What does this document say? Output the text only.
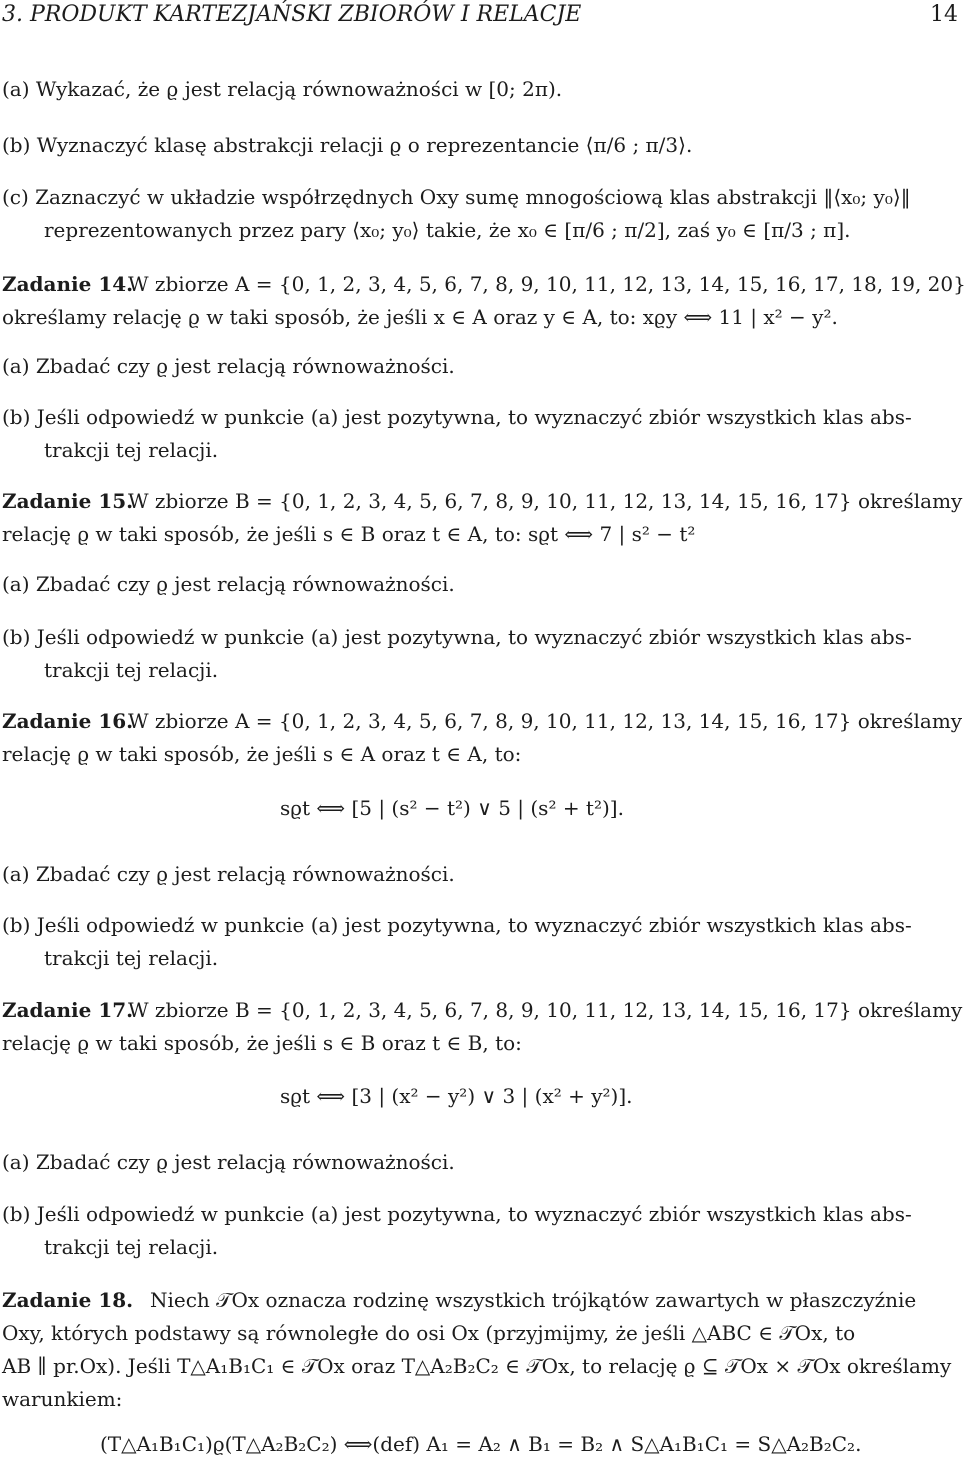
3. PRODUKT KARTEZJAŃSKI ZBIORÓW I RELACJE	14
(a) Wykazać, że ϱ jest relacją równoważności w [0; 2π).
(b) Wyznaczyć klasę abstrakcji relacji ϱ o reprezentancie ⟨π/6 ; π/3⟩.
(c) Zaznaczyć w układzie współrzędnych Oxy sumę mnogościową klas abstrakcji ‖⟨x₀; y₀⟩‖
reprezentowanych przez pary ⟨x₀; y₀⟩ takie, że x₀ ∈ [π/6 ; π/2], zaś y₀ ∈ [π/3 ; π].
Zadanie 14.
W zbiorze A = {0, 1, 2, 3, 4, 5, 6, 7, 8, 9, 10, 11, 12, 13, 14, 15, 16, 17, 18, 19, 20}
określamy relację ϱ w taki sposób, że jeśli x ∈ A oraz y ∈ A, to: xϱy ⟺ 11 | x² − y².
(a) Zbadać czy ϱ jest relacją równoważności.
(b) Jeśli odpowiedź w punkcie (a) jest pozytywna, to wyznaczyć zbiór wszystkich klas abs-
trakcji tej relacji.
Zadanie 15.
W zbiorze B = {0, 1, 2, 3, 4, 5, 6, 7, 8, 9, 10, 11, 12, 13, 14, 15, 16, 17} określamy
relację ϱ w taki sposób, że jeśli s ∈ B oraz t ∈ A, to: sϱt ⟺ 7 | s² − t²
(a) Zbadać czy ϱ jest relacją równoważności.
(b) Jeśli odpowiedź w punkcie (a) jest pozytywna, to wyznaczyć zbiór wszystkich klas abs-
trakcji tej relacji.
Zadanie 16.
W zbiorze A = {0, 1, 2, 3, 4, 5, 6, 7, 8, 9, 10, 11, 12, 13, 14, 15, 16, 17} określamy
relację ϱ w taki sposób, że jeśli s ∈ A oraz t ∈ A, to:
sϱt ⟺ [5 | (s² − t²) ∨ 5 | (s² + t²)].
(a) Zbadać czy ϱ jest relacją równoważności.
(b) Jeśli odpowiedź w punkcie (a) jest pozytywna, to wyznaczyć zbiór wszystkich klas abs-
trakcji tej relacji.
Zadanie 17.
W zbiorze B = {0, 1, 2, 3, 4, 5, 6, 7, 8, 9, 10, 11, 12, 13, 14, 15, 16, 17} określamy
relację ϱ w taki sposób, że jeśli s ∈ B oraz t ∈ B, to:
sϱt ⟺ [3 | (x² − y²) ∨ 3 | (x² + y²)].
(a) Zbadać czy ϱ jest relacją równoważności.
(b) Jeśli odpowiedź w punkcie (a) jest pozytywna, to wyznaczyć zbiór wszystkich klas abs-
trakcji tej relacji.
Zadanie 18. Niech 𝒯Ox oznacza rodzinę wszystkich trójkątów zawartych w płaszczyźnie
Oxy, których podstawy są równoległe do osi Ox (przyjmijmy, że jeśli △ABC ∈ 𝒯Ox, to
AB ∥ pr.Ox). Jeśli T△A₁B₁C₁ ∈ 𝒯Ox oraz T△A₂B₂C₂ ∈ 𝒯Ox, to relację ϱ ⊆ 𝒯Ox × 𝒯Ox określamy
warunkiem:
(T△A₁B₁C₁)ϱ(T△A₂B₂C₂) ⟺(def) A₁ = A₂ ∧ B₁ = B₂ ∧ S△A₁B₁C₁ = S△A₂B₂C₂.
